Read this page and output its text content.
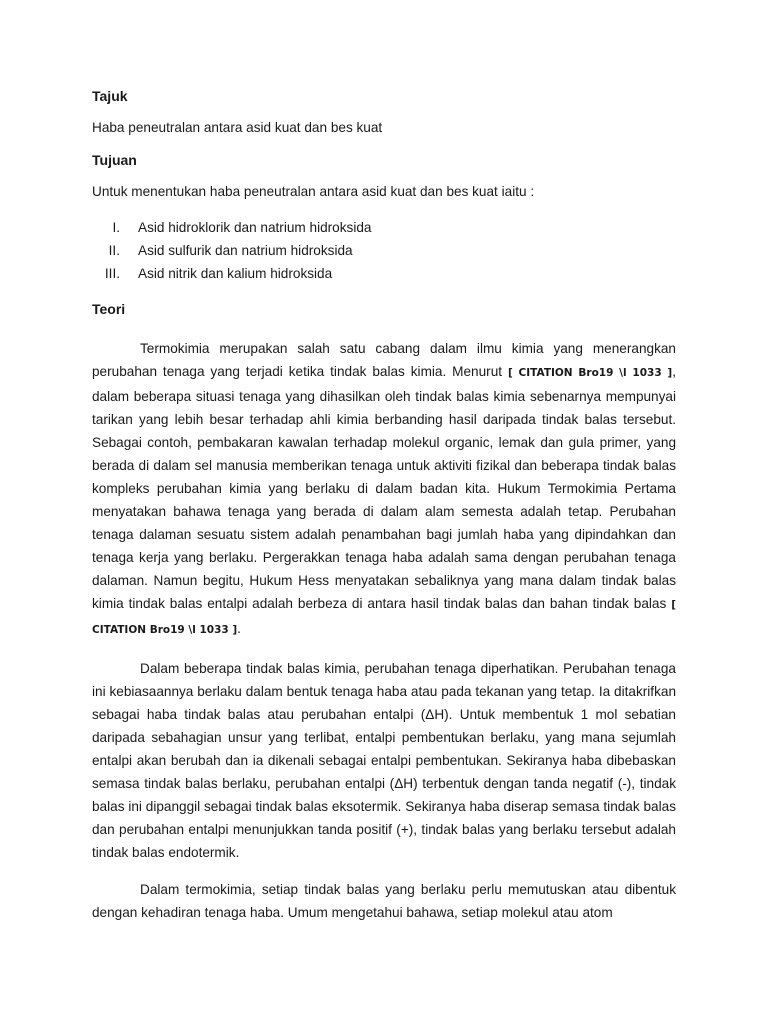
Tajuk

Haba peneutralan antara asid kuat dan bes kuat

Tujuan

Untuk menentukan haba peneutralan antara asid kuat dan bes kuat iaitu :

I. Asid hidroklorik dan natrium hidroksida
II. Asid sulfurik dan natrium hidroksida
III. Asid nitrik dan kalium hidroksida
Teori

Termokimia merupakan salah satu cabang dalam ilmu kimia yang menerangkan perubahan tenaga yang terjadi ketika tindak balas kimia. Menurut [ CITATION Bro19 \l 1033 ], dalam beberapa situasi tenaga yang dihasilkan oleh tindak balas kimia sebenarnya mempunyai tarikan yang lebih besar terhadap ahli kimia berbanding hasil daripada tindak balas tersebut. Sebagai contoh, pembakaran kawalan terhadap molekul organic, lemak dan gula primer, yang berada di dalam sel manusia memberikan tenaga untuk aktiviti fizikal dan beberapa tindak balas kompleks perubahan kimia yang berlaku di dalam badan kita. Hukum Termokimia Pertama menyatakan bahawa tenaga yang berada di dalam alam semesta adalah tetap. Perubahan tenaga dalaman sesuatu sistem adalah penambahan bagi jumlah haba yang dipindahkan dan tenaga kerja yang berlaku. Pergerakkan tenaga haba adalah sama dengan perubahan tenaga dalaman. Namun begitu, Hukum Hess menyatakan sebaliknya yang mana dalam tindak balas kimia tindak balas entalpi adalah berbeza di antara hasil tindak balas dan bahan tindak balas [ CITATION Bro19 \l 1033 ].

Dalam beberapa tindak balas kimia, perubahan tenaga diperhatikan. Perubahan tenaga ini kebiasaannya berlaku dalam bentuk tenaga haba atau pada tekanan yang tetap. Ia ditakrifkan sebagai haba tindak balas atau perubahan entalpi (ΔH). Untuk membentuk 1 mol sebatian daripada sebahagian unsur yang terlibat, entalpi pembentukan berlaku, yang mana sejumlah entalpi akan berubah dan ia dikenali sebagai entalpi pembentukan. Sekiranya haba dibebaskan semasa tindak balas berlaku, perubahan entalpi (ΔH) terbentuk dengan tanda negatif (-), tindak balas ini dipanggil sebagai tindak balas eksotermik. Sekiranya haba diserap semasa tindak balas dan perubahan entalpi menunjukkan tanda positif (+), tindak balas yang berlaku tersebut adalah tindak balas endotermik.

Dalam termokimia, setiap tindak balas yang berlaku perlu memutuskan atau dibentuk dengan kehadiran tenaga haba. Umum mengetahui bahawa, setiap molekul atau atom
